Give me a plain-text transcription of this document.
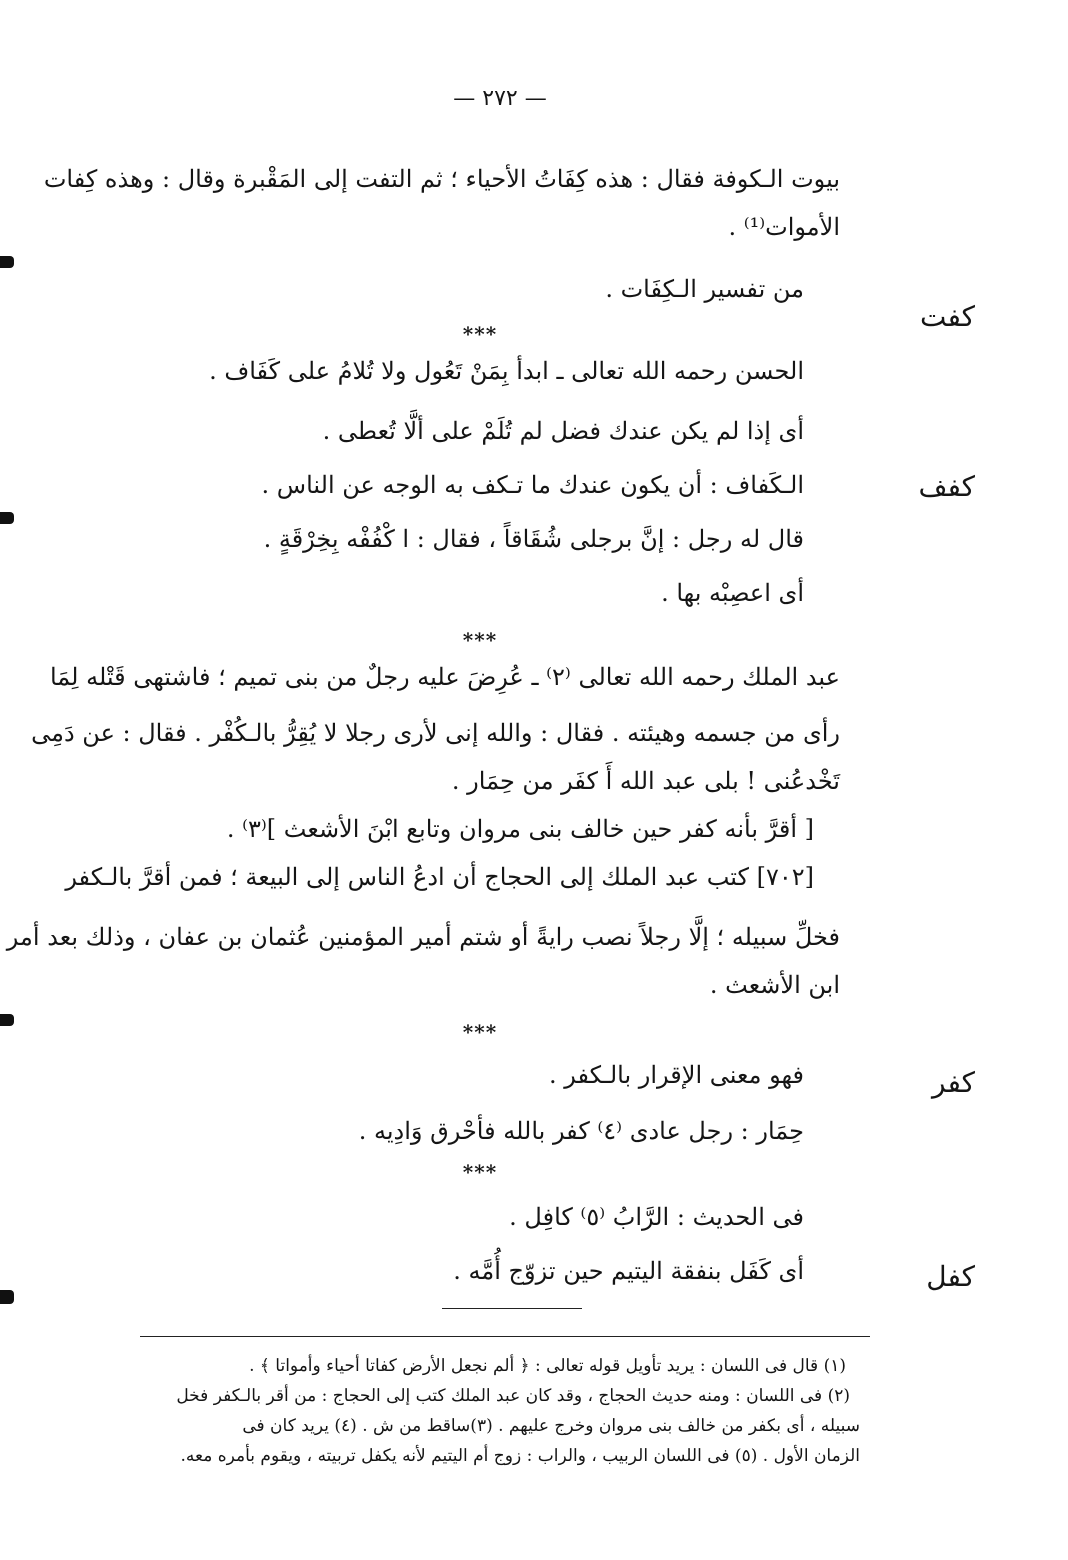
— ٢٧٢ —
بيوت الـكوفة فقال : هذه كِفَاتُ الأحياء ؛ ثم التفت إلى المَقْبرة وقال : وهذه كِفات
الأموات⁽¹⁾ .
من تفسير الـكِفَات .
كفت
***
الحسن رحمه الله تعالى ـ ابدأ بِمَنْ تَعُول ولا تُلامُ على كَفَاف .
أى إذا لم يكن عندك فضل لم تُلَمْ على ألَّا تُعطى .
كفف
الـكَفاف : أن يكون عندك ما تـكف به الوجه عن الناس .
قال له رجل : إنَّ برجلى شُقَاقاً ، فقال : ا كْفُفْه بِخِرْقَةٍ .
أى اعصِبْه بها .
***
عبد الملك رحمه الله تعالى ⁽٢⁾ ـ عُرِضَ عليه رجلٌ من بنى تميم ؛ فاشتهى قَتْله لِمَا
رأى من جسمه وهيئته . فقال : والله إنى لأرى رجلا لا يُقِرُّ بالـكُفْر . فقال : عن دَمِى
تَخْدعُنى ! بلى عبد الله أَ كفَر من حِمَار .
[ أقرَّ بأنه كفر حين خالف بنى مروان وتابع ابْنَ الأشعث ]⁽٣⁾ .
[٧٠٢] كتب عبد الملك إلى الحجاج أن ادعُ الناس إلى البيعة ؛ فمن أقرَّ بالـكفر
فخلِّ سبيله ؛ إلَّا رجلاً نصب رايةً أو شتم أمير المؤمنين عُثمان بن عفان ، وذلك بعد أمر
ابن الأشعث .
***
كفر
فهو معنى الإقرار بالـكفر .
حِمَار : رجل عادى ⁽٤⁾ كفر بالله فأحْرق وَادِيه .
***
فى الحديث : الرَّابُ ⁽٥⁾ كافِل .
كفل
أى كَفَل بنفقة اليتيم حين تزوّج أُمَّه .
(١) قال فى اللسان : يريد تأويل قوله تعالى : ﴿ ألم نجعل الأرض كفاتا أحياء وأمواتا ﴾ .
(٢) فى اللسان : ومنه حديث الحجاج ، وقد كان عبد الملك كتب إلى الحجاج : من أقر بالـكفر فخل
سبيله ، أى بكفر من خالف بنى مروان وخرج عليهم . (٣)ساقط من ش . (٤) يريد كان فى
الزمان الأول . (٥) فى اللسان الربيب ، والراب : زوج أم اليتيم لأنه يكفل تربيته ، ويقوم بأمره معه.
